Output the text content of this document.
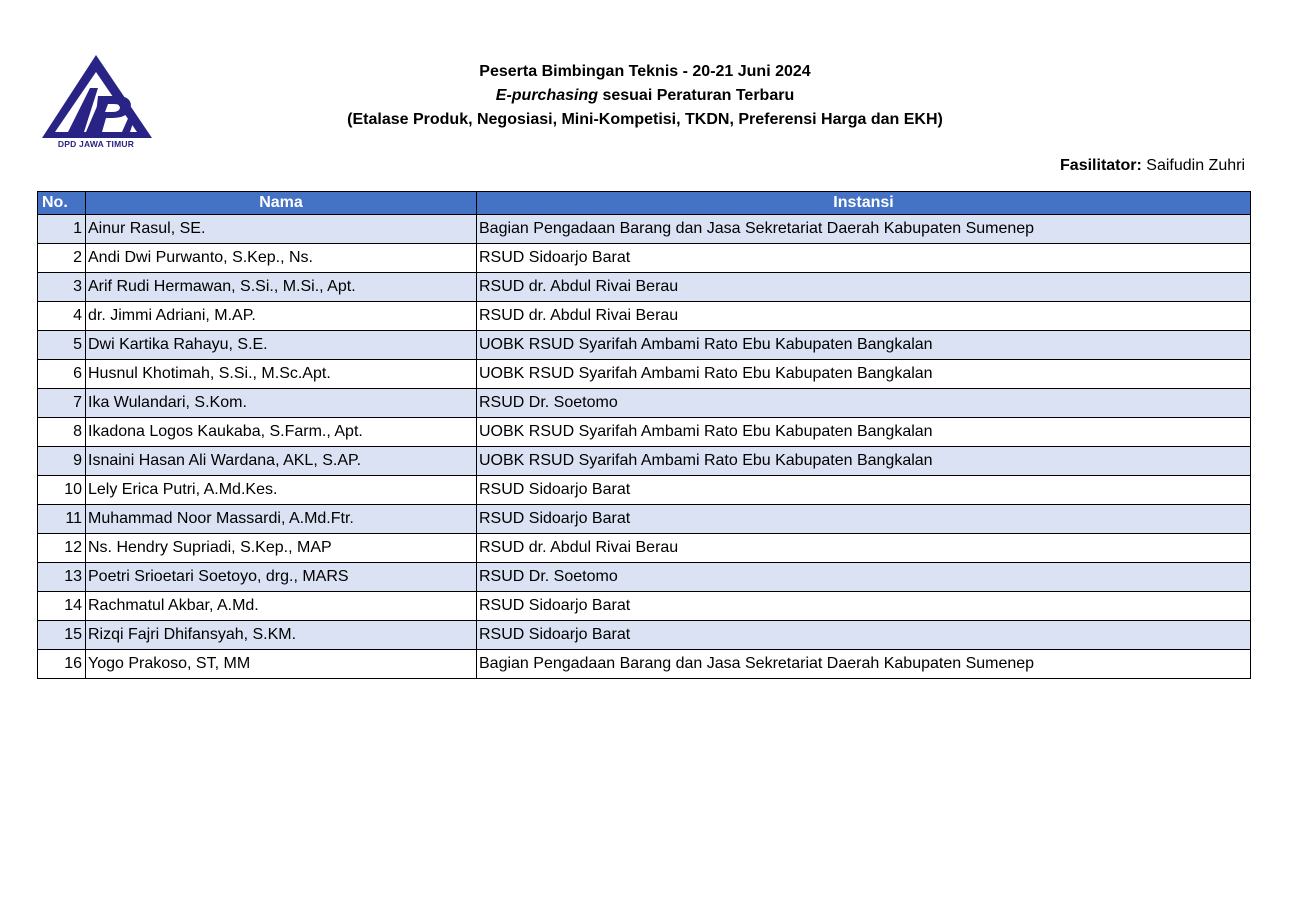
DPD JAWA TIMUR
Peserta Bimbingan Teknis - 20-21 Juni 2024
E-purchasing sesuai Peraturan Terbaru
(Etalase Produk, Negosiasi, Mini-Kompetisi, TKDN, Preferensi Harga dan EKH)
Fasilitator: Saifudin Zuhri
No.	Nama	Instansi
1	Ainur Rasul, SE.	Bagian Pengadaan Barang dan Jasa Sekretariat Daerah Kabupaten Sumenep
2	Andi Dwi Purwanto, S.Kep., Ns.	RSUD Sidoarjo Barat
3	Arif Rudi Hermawan, S.Si., M.Si., Apt.	RSUD dr. Abdul Rivai Berau
4	dr. Jimmi Adriani, M.AP.	RSUD dr. Abdul Rivai Berau
5	Dwi Kartika Rahayu, S.E.	UOBK RSUD Syarifah Ambami Rato Ebu Kabupaten Bangkalan
6	Husnul Khotimah, S.Si., M.Sc.Apt.	UOBK RSUD Syarifah Ambami Rato Ebu Kabupaten Bangkalan
7	Ika Wulandari, S.Kom.	RSUD Dr. Soetomo
8	Ikadona Logos Kaukaba, S.Farm., Apt.	UOBK RSUD Syarifah Ambami Rato Ebu Kabupaten Bangkalan
9	Isnaini Hasan Ali Wardana, AKL, S.AP.	UOBK RSUD Syarifah Ambami Rato Ebu Kabupaten Bangkalan
10	Lely Erica Putri, A.Md.Kes.	RSUD Sidoarjo Barat
11	Muhammad Noor Massardi, A.Md.Ftr.	RSUD Sidoarjo Barat
12	Ns. Hendry Supriadi, S.Kep., MAP	RSUD dr. Abdul Rivai Berau
13	Poetri Srioetari Soetoyo, drg., MARS	RSUD Dr. Soetomo
14	Rachmatul Akbar, A.Md.	RSUD Sidoarjo Barat
15	Rizqi Fajri Dhifansyah, S.KM.	RSUD Sidoarjo Barat
16	Yogo Prakoso, ST, MM	Bagian Pengadaan Barang dan Jasa Sekretariat Daerah Kabupaten Sumenep
